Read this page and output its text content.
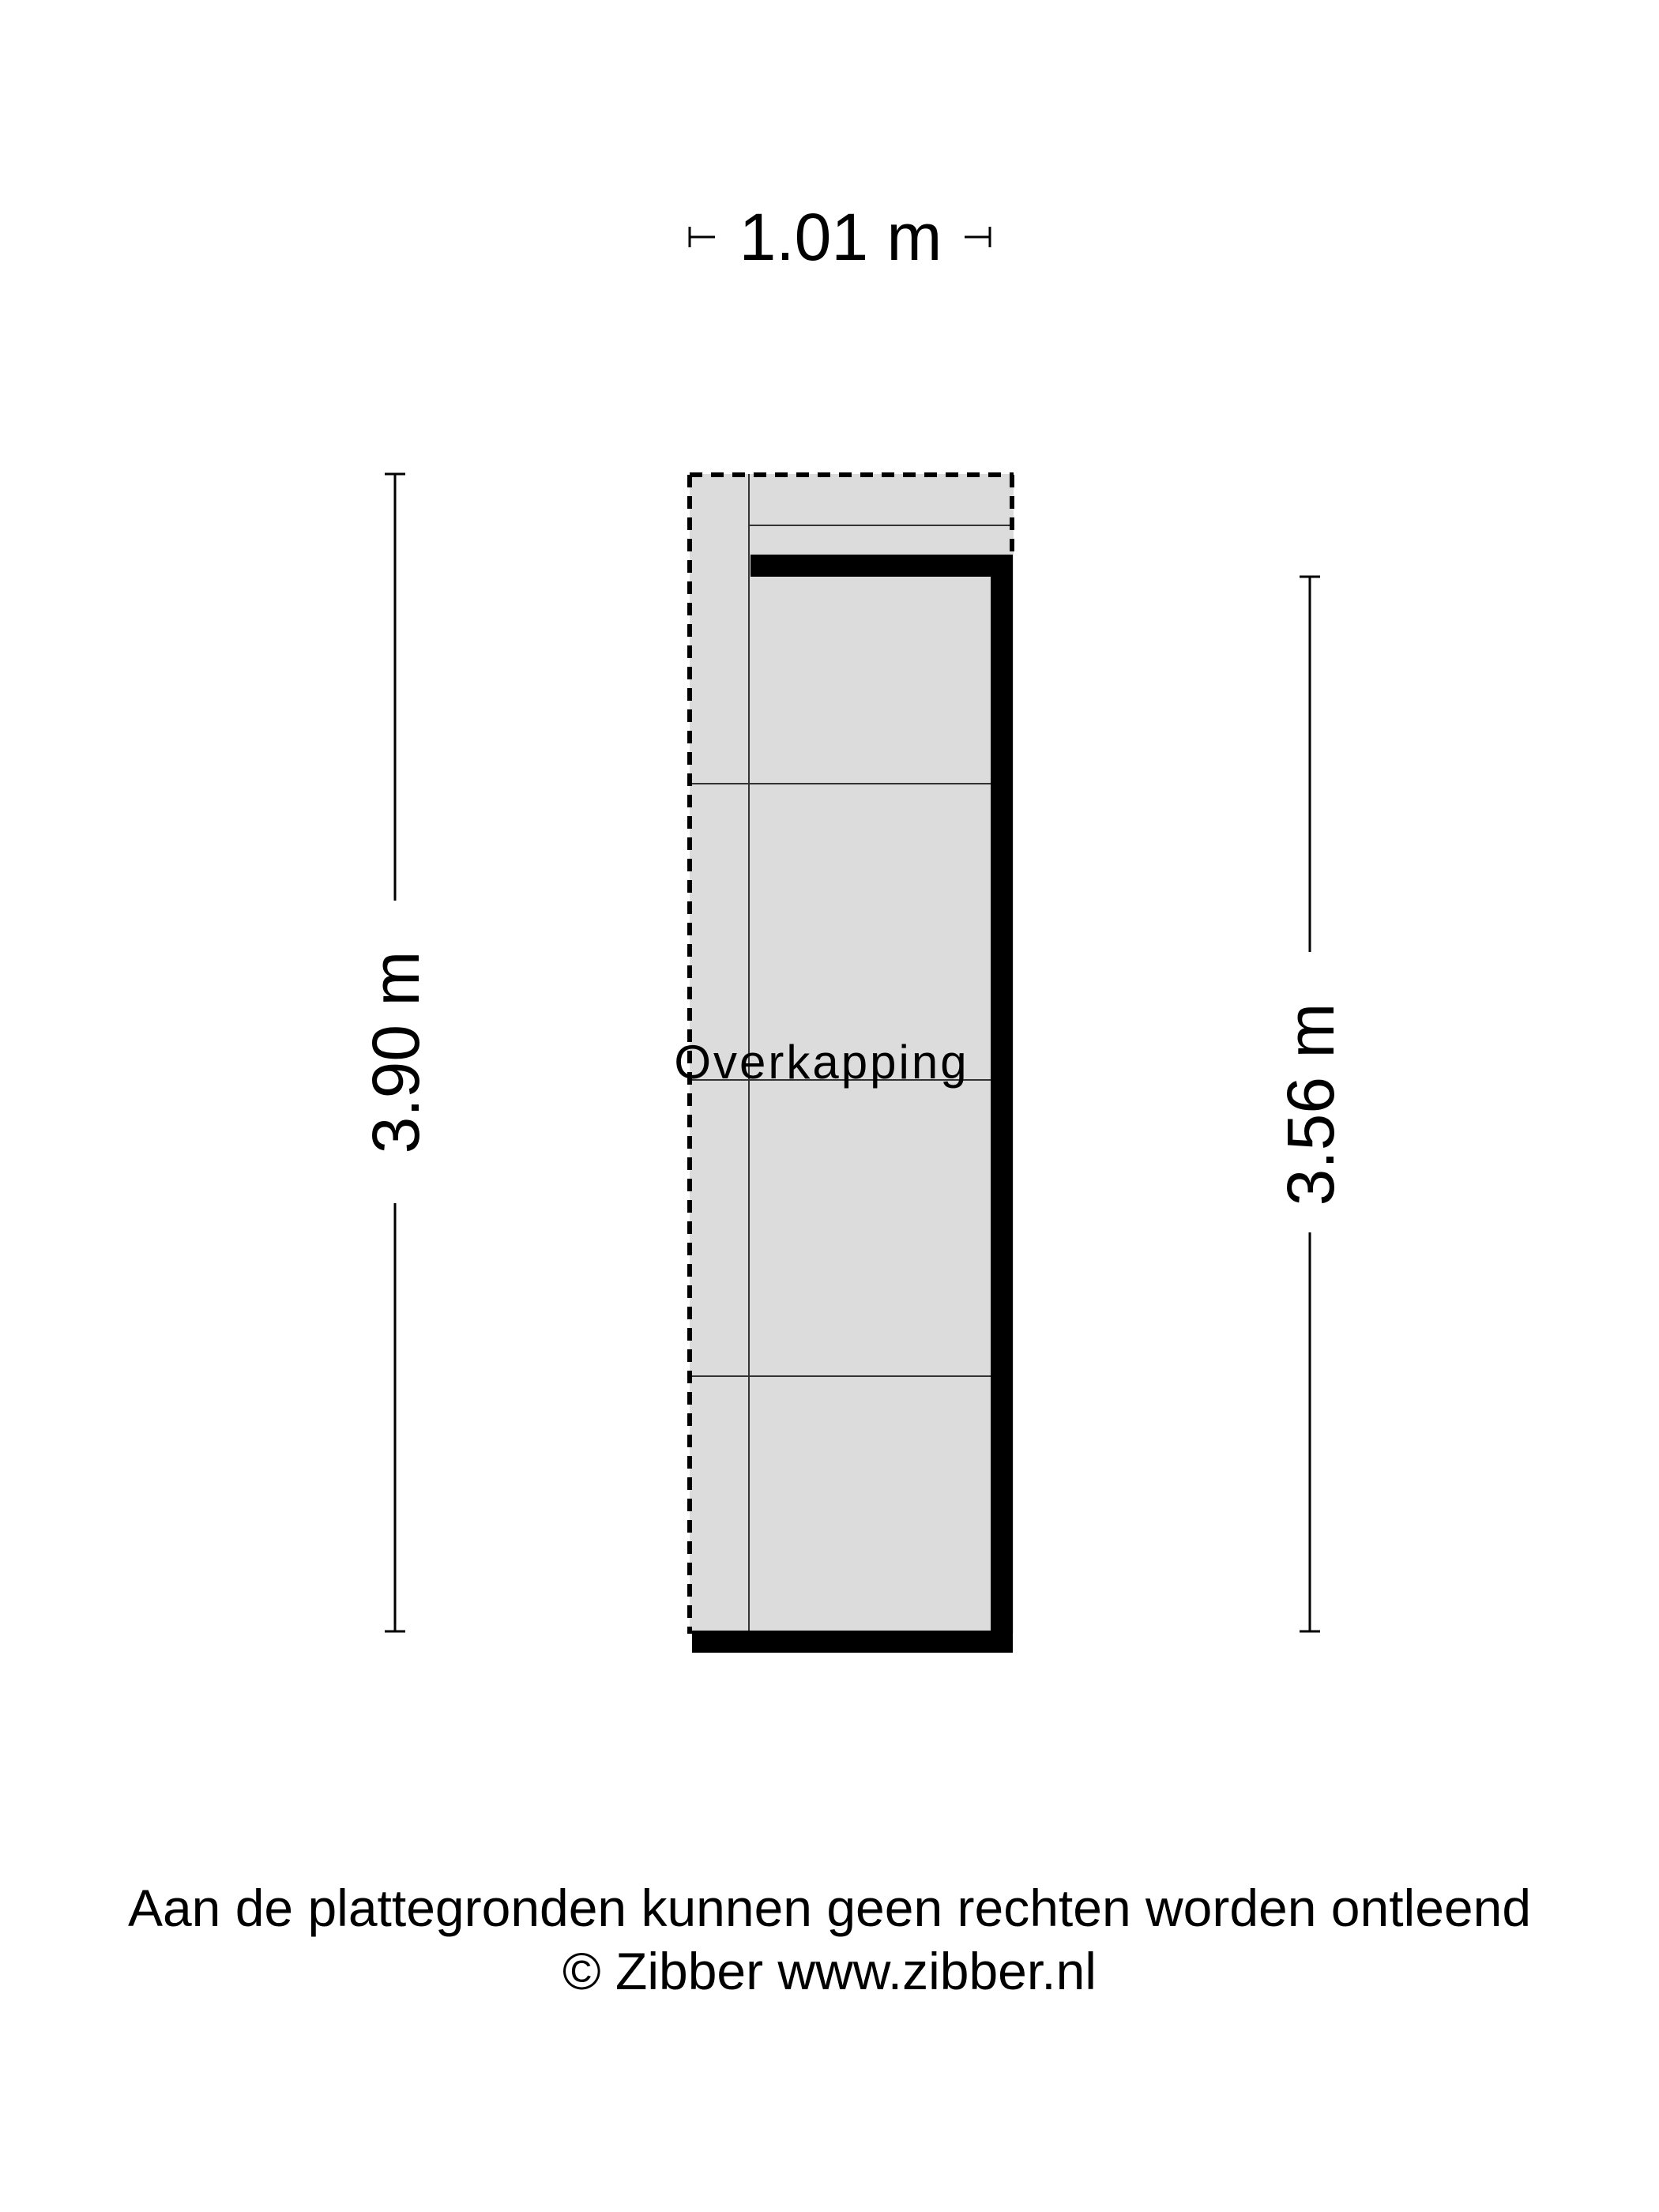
Overkapping
1.01 m
3.90 m	3.56 m
Aan de plattegronden kunnen geen rechten worden ontleend
© Zibber www.zibber.nl
